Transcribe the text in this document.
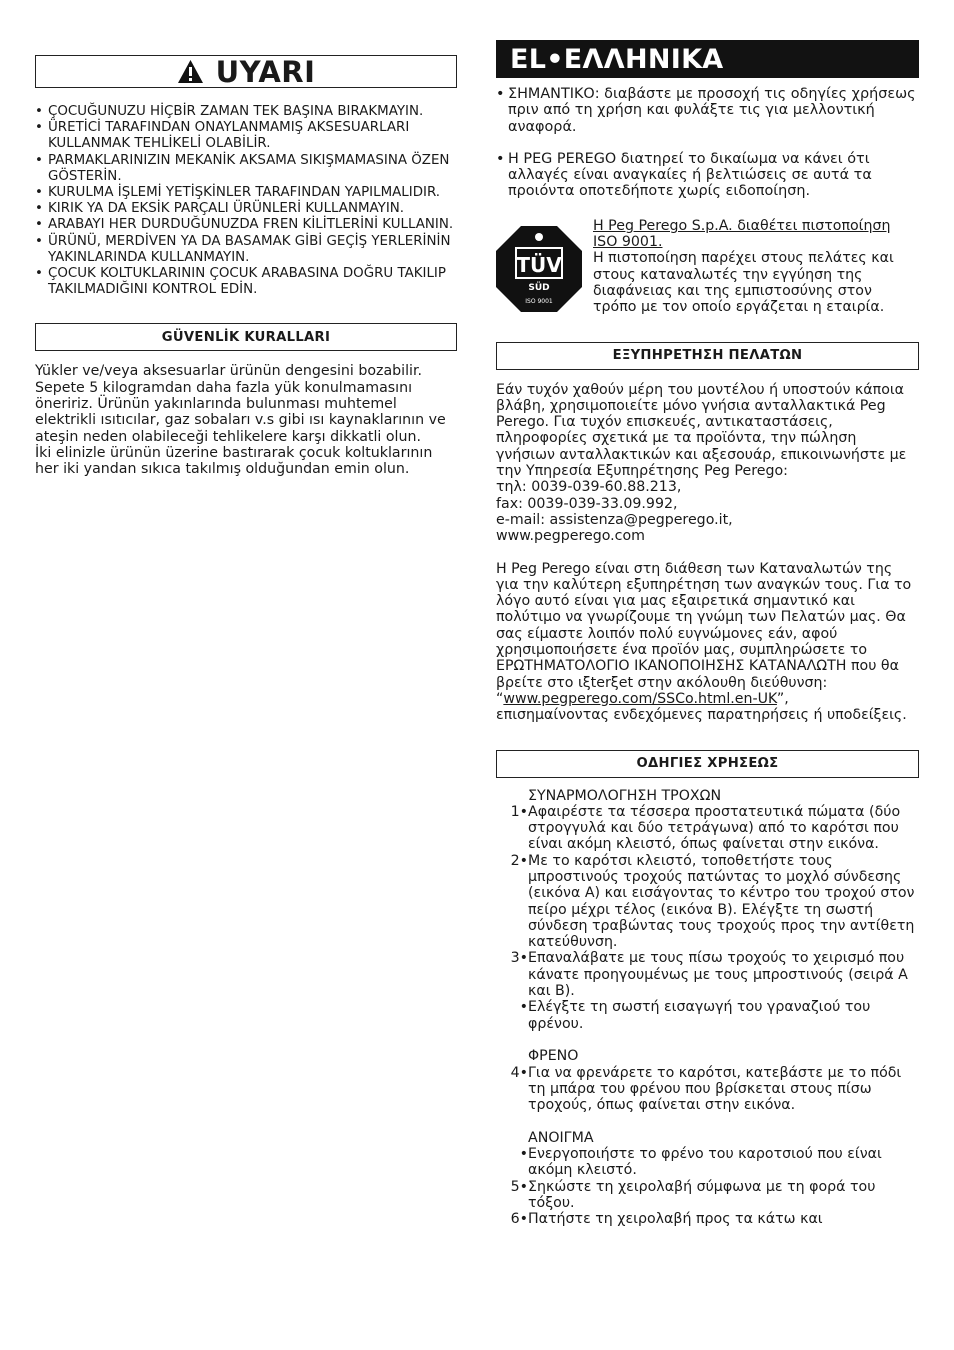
UYARI
• ÇOCUĞUNUZU HİÇBİR ZAMAN TEK BAŞINA BIRAKMAYIN.
• ÜRETİCİ TARAFINDAN ONAYLANMAMIŞ AKSESUARLARI KULLANMAK TEHLİKELİ OLABİLİR.
• PARMAKLARINIZIN MEKANİK AKSAMA SIKIŞMAMASINA ÖZEN GÖSTERİN.
• KURULMA İŞLEMİ YETİŞKİNLER TARAFINDAN YAPILMALIDIR.
• KIRIK YA DA EKSİK PARÇALI ÜRÜNLERİ KULLANMAYIN.
• ARABAYI HER DURDUĞUNUZDA FREN KİLİTLERİNİ KULLANIN.
• ÜRÜNÜ, MERDİVEN YA DA BASAMAK GİBİ GEÇİŞ YERLERİNİN YAKINLARINDA KULLANMAYIN.
• ÇOCUK KOLTUKLARININ ÇOCUK ARABASINA DOĞRU TAKILIP TAKILMADIĞINI KONTROL EDİN.
GÜVENLİK KURALLARI

Yükler ve/veya aksesuarlar ürünün dengesini bozabilir. Sepete 5 kilogramdan daha fazla yük konulmamasını öneririz. Ürünün yakınlarında bulunması muhtemel elektrikli ısıtıcılar, gaz sobaları v.s gibi ısı kaynaklarının ve ateşin neden olabileceği tehlikelere karşı dikkatli olun.

İki elinizle ürünün üzerine bastırarak çocuk koltuklarının her iki yandan sıkıca takılmış olduğundan emin olun.

EL•ΕΛΛΗΝΙΚΑ
• ΣΗΜΑΝΤΙΚΟ: διαβάστε με προσοχή τις οδηγίες χρήσεως πριν από τη χρήση και φυλάξτε τις για μελλοντική αναφορά.
• Η PEG PEREGO διατηρεί το δικαίωμα να κάνει ότι αλλαγές είναι αναγκαίες ή βελτιώσεις σε αυτά τα προιόντα οποτεδήποτε χωρίς ειδοποίηση.
TÜV
SÜD
ISO 9001
Η Peg Perego S.p.A. διαθέτει πιστοποίηση ISO 9001.
Η πιστοποίηση παρέχει στους πελάτες και στους καταναλωτές την εγγύηση της διαφάνειας και της εμπιστοσύνης στον τρόπο με τον οποίο εργάζεται η εταιρία.
ΕΞΥΠΗΡΕΤΗΣΗ ΠΕΛΑΤΩΝ

Εάν τυχόν χαθούν μέρη του μοντέλου ή υποστούν κάποια βλάβη, χρησιμοποιείτε μόνο γνήσια ανταλλακτικά Peg Perego. Για τυχόν επισκευές, αντικαταστάσεις, πληροφορίες σχετικά με τα προϊόντα, την πώληση γνήσιων ανταλλακτικών και αξεσουάρ, επικοινωνήστε με την Υπηρεσία Εξυπηρέτησης Peg Perego:

τηλ: 0039-039-60.88.213,

fax: 0039-039-33.09.992,

e-mail: assistenza@pegperego.it,

www.pegperego.com

Η Peg Perego είναι στη διάθεση των Καταναλωτών της για την καλύτερη εξυπηρέτηση των αναγκών τους. Για το λόγο αυτό είναι για μας εξαιρετικά σημαντικό και πολύτιμο να γνωρίζουμε τη γνώμη των Πελατών μας. Θα σας είμαστε λοιπόν πολύ ευγνώμονες εάν, αφού χρησιμοποιήσετε ένα προϊόν μας, συμπληρώσετε το ΕΡΩΤΗΜΑΤΟΛΟΓΙΟ ΙΚΑΝΟΠΟΙΗΣΗΣ ΚΑΤΑΝΑΛΩΤΗ που θα βρείτε στο ιξterξet στην ακόλουθη διεύθυνση: “www.pegperego.com/SSCo.html.en-UK”,
επισημαίνοντας ενδεχόμενες παρατηρήσεις ή υποδείξεις.

ΟΔΗΓΙΕΣ ΧΡΗΣΕΩΣ
ΣΥΝΑΡΜΟΛΟΓΗΣΗ ΤΡΟΧΩΝ
1• Αφαιρέστε τα τέσσερα προστατευτικά πώματα (δύο στρογγυλά και δύο τετράγωνα) από το καρότσι που είναι ακόμη κλειστό, όπως φαίνεται στην εικόνα.
2• Με το καρότσι κλειστό, τοποθετήστε τους μπροστινούς τροχούς πατώντας το μοχλό σύνδεσης (εικόνα A) και εισάγοντας το κέντρο του τροχού στον πείρο μέχρι τέλος (εικόνα B). Ελέγξτε τη σωστή σύνδεση τραβώντας τους τροχούς προς την αντίθετη κατεύθυνση.
3• Επαναλάβατε με τους πίσω τροχούς το χειρισμό που κάνατε προηγουμένως με τους μπροστινούς (σειρά A και B).
• Ελέγξτε τη σωστή εισαγωγή του γραναζιού του φρένου.
ΦΡΕΝΟ
4• Για να φρενάρετε το καρότσι, κατεβάστε με το πόδι τη μπάρα του φρένου που βρίσκεται στους πίσω τροχούς, όπως φαίνεται στην εικόνα.
ΑΝΟΙΓΜΑ
• Ενεργοποιήστε το φρένο του καροτσιού που είναι ακόμη κλειστό.
5• Σηκώστε τη χειρολαβή σύμφωνα με τη φορά του τόξου.
6• Πατήστε τη χειρολαβή προς τα κάτω και
